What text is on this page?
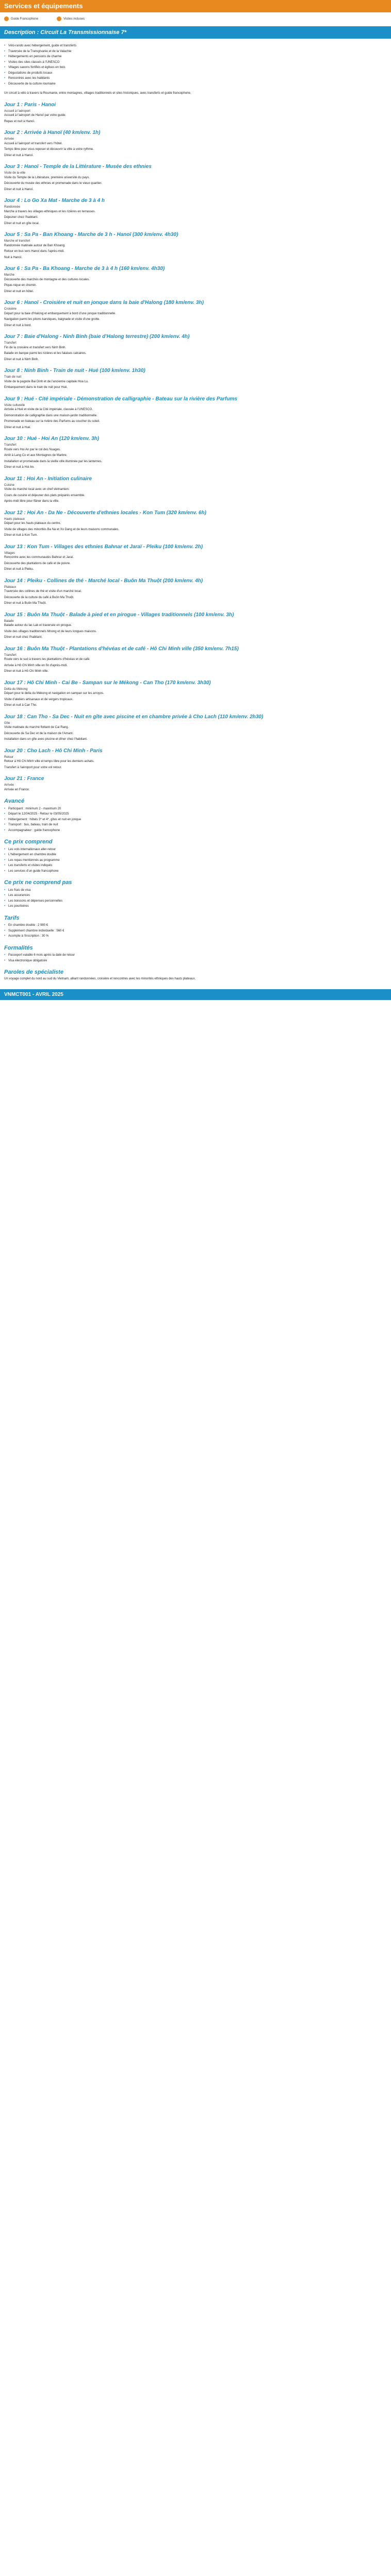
Services et équipements
Guide Francophone	Visites incluses
Description : Circuit La Transmissionnaise 7*
• Vélo-rando avec hébergement, guide et transferts
• Traversée de la Transylvanie et de la Valachie
• Hébergements en pensions de charme
• Visites des sites classés à l'UNESCO
• Villages saxons fortifiés et églises en bois
• Dégustations de produits locaux
• Rencontres avec les habitants
• Découverte de la culture roumaine

Un circuit à vélo à travers la Roumanie, entre montagnes, villages traditionnels et sites historiques, avec transferts et guide francophone.

Jour 1 : Paris - Hanoi
Accueil à l'aéroport

Accueil à l'aéroport de Hanoï par votre guide.

Repas et nuit à Hanoï.

Jour 2 : Arrivée à Hanoï (40 km/env. 1h)
Arrivée

Accueil à l'aéroport et transfert vers l'hôtel.

Temps libre pour vous reposer et découvrir la ville à votre rythme.

Dîner et nuit à Hanoï.

Jour 3 : Hanoï - Temple de la Littérature - Musée des ethnies
Visite de la ville

Visite du Temple de la Littérature, première université du pays.

Découverte du musée des ethnies et promenade dans le vieux quartier.

Dîner et nuit à Hanoï.

Jour 4 : Lo Go Xa Mat - Marche de 3 à 4 h
Randonnée

Marche à travers les villages ethniques et les rizières en terrasses.

Déjeuner chez l'habitant.

Dîner et nuit en gîte local.

Jour 5 : Sa Pa - Ban Khoang - Marche de 3 h - Hanoï (300 km/env. 4h30)
Marche et transfert

Randonnée matinale autour de Ban Khoang.

Retour en bus vers Hanoï dans l'après-midi.

Nuit à Hanoï.

Jour 6 : Sa Pa - Ba Khoang - Marche de 3 à 4 h (160 km/env. 4h30)
Marche

Découverte des marchés de montagne et des cultures locales.

Pique-nique en chemin.

Dîner et nuit en hôtel.

Jour 6 : Hanoï - Croisière et nuit en jonque dans la baie d'Halong (180 km/env. 3h)
Croisière

Départ pour la baie d'Halong et embarquement à bord d'une jonque traditionnelle.

Navigation parmi les pitons karstiques, baignade et visite d'une grotte.

Dîner et nuit à bord.

Jour 7 : Baie d'Halong - Ninh Binh (baie d'Halong terrestre) (200 km/env. 4h)
Transfert

Fin de la croisière et transfert vers Ninh Binh.

Balade en barque parmi les rizières et les falaises calcaires.

Dîner et nuit à Ninh Binh.

Jour 8 : Ninh Binh - Train de nuit - Hué (100 km/env. 1h30)
Train de nuit

Visite de la pagode Bai Dinh et de l'ancienne capitale Hoa Lu.

Embarquement dans le train de nuit pour Hué.

Jour 9 : Hué - Cité impériale - Démonstration de calligraphie - Bateau sur la rivière des Parfums
Visite culturelle

Arrivée à Hué et visite de la Cité impériale, classée à l'UNESCO.

Démonstration de calligraphie dans une maison-jardin traditionnelle.

Promenade en bateau sur la rivière des Parfums au coucher du soleil.

Dîner et nuit à Hué.

Jour 10 : Hué - Hoi An (120 km/env. 3h)
Transfert

Route vers Hoi An par le col des Nuages.

Arrêt à Lang Co et aux Montagnes de Marbre.

Installation et promenade dans la vieille ville illuminée par les lanternes.

Dîner et nuit à Hoi An.

Jour 11 : Hoi An - Initiation culinaire
Cuisine

Visite du marché local avec un chef vietnamien.

Cours de cuisine et déjeuner des plats préparés ensemble.

Après-midi libre pour flâner dans la ville.

Jour 12 : Hoi An - Da Ne - Découverte d'ethnies locales - Kon Tum (320 km/env. 6h)
Hauts plateaux

Départ pour les hauts plateaux du centre.

Visite de villages des minorités Ba Na et Xo Dang et de leurs maisons communales.

Dîner et nuit à Kon Tum.

Jour 13 : Kon Tum - Villages des ethnies Bahnar et Jaraï - Pleiku (100 km/env. 2h)
Villages

Rencontre avec les communautés Bahnar et Jaraï.

Découverte des plantations de café et de poivre.

Dîner et nuit à Pleiku.

Jour 14 : Pleiku - Collines de thé - Marché local - Buôn Ma Thuột (200 km/env. 4h)
Plateaux

Traversée des collines de thé et visite d'un marché local.

Découverte de la culture du café à Buôn Ma Thuột.

Dîner et nuit à Buôn Ma Thuột.

Jour 15 : Buôn Ma Thuột - Balade à pied et en pirogue - Villages traditionnels (100 km/env. 3h)
Balade

Balade autour du lac Lak et traversée en pirogue.

Visite des villages traditionnels Mnong et de leurs longues maisons.

Dîner et nuit chez l'habitant.

Jour 16 : Buôn Ma Thuột - Plantations d'hévéas et de café - Hô Chi Minh ville (350 km/env. 7h15)
Transfert

Route vers le sud à travers les plantations d'hévéas et de café.

Arrivée à Hô Chi Minh ville en fin d'après-midi.

Dîner et nuit à Hô Chi Minh ville.

Jour 17 : Hô Chi Minh - Cai Be - Sampan sur le Mékong - Can Tho (170 km/env. 3h30)
Delta du Mékong

Départ pour le delta du Mékong et navigation en sampan sur les arroyos.

Visite d'ateliers artisanaux et de vergers tropicaux.

Dîner et nuit à Can Tho.

Jour 18 : Can Tho - Sa Dec - Nuit en gîte avec piscine et en chambre privée à Cho Lach (110 km/env. 2h30)
Gîte

Visite matinale du marché flottant de Cai Rang.

Découverte de Sa Dec et de la maison de l'Amant.

Installation dans un gîte avec piscine et dîner chez l'habitant.

Jour 20 : Cho Lach - Hô Chi Minh - Paris
Retour

Retour à Hô Chi Minh ville et temps libre pour les derniers achats.

Transfert à l'aéroport pour votre vol retour.

Jour 21 : France
Arrivée

Arrivée en France.

Avancé
• Participant : minimum 2 - maximum 20
• Départ le 12/04/2025 - Retour le 03/05/2025
• Hébergement : hôtels 3* et 4*, gîtes et nuit en jonque
• Transport : bus, bateau, train de nuit
• Accompagnateur : guide francophone
Ce prix comprend
• Les vols internationaux aller-retour
• L'hébergement en chambre double
• Les repas mentionnés au programme
• Les transferts et visites indiqués
• Les services d'un guide francophone
Ce prix ne comprend pas
• Les frais de visa
• Les assurances
• Les boissons et dépenses personnelles
• Les pourboires
Tarifs
• En chambre double : 2 980 €
• Supplément chambre individuelle : 560 €
• Acompte à l'inscription : 30 %
Formalités
• Passeport valable 6 mois après la date de retour
• Visa électronique obligatoire
Paroles de spécialiste

Un voyage complet du nord au sud du Vietnam, alliant randonnées, croisière et rencontres avec les minorités ethniques des hauts plateaux.

VNMCT001 - AVRIL 2025
